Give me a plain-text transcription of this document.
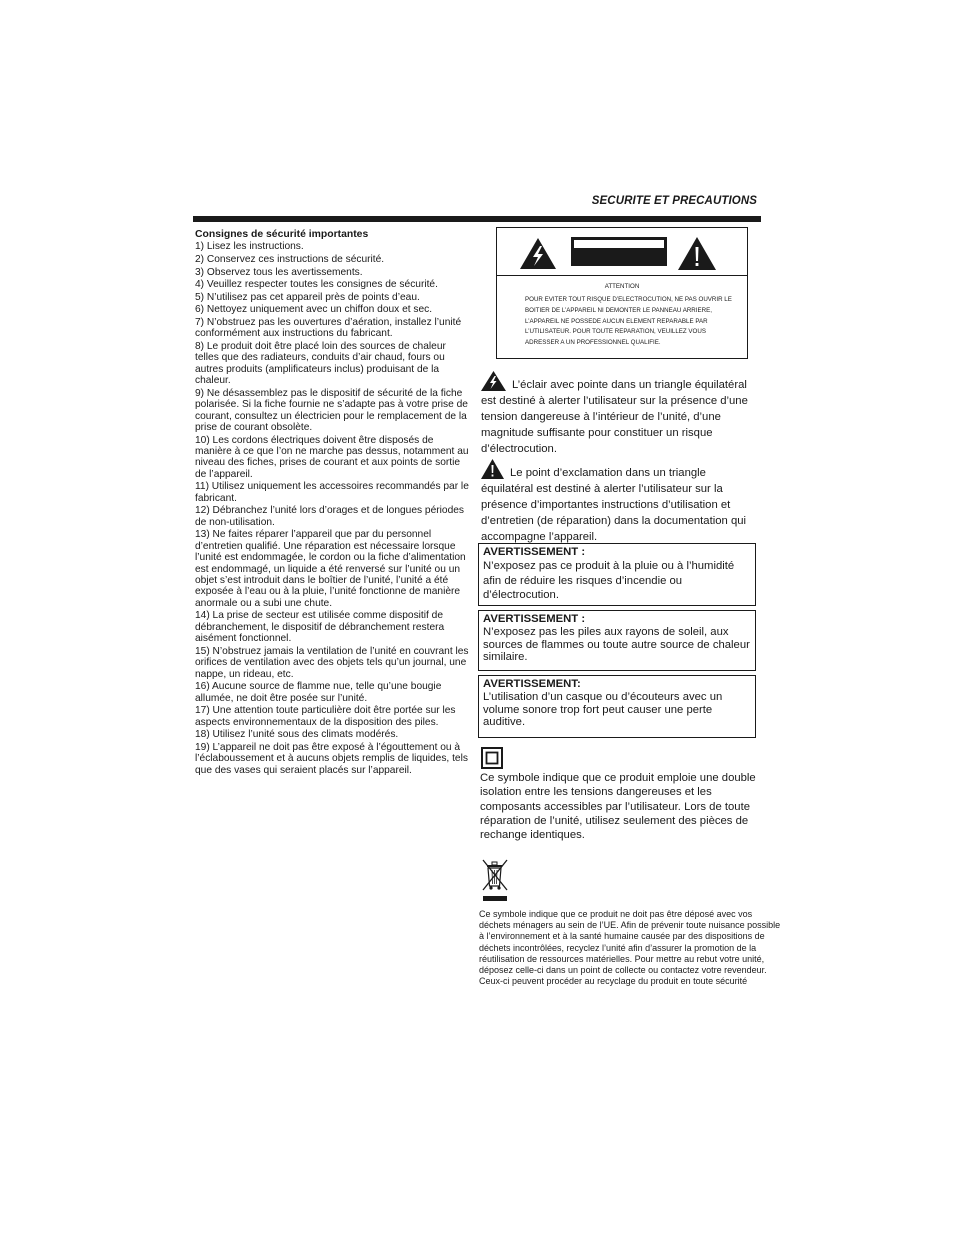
SECURITE ET PRECAUTIONS
Consignes de sécurité importantes
1) Lisez les instructions.
2) Conservez ces instructions de sécurité.
3) Observez tous les avertissements.
4) Veuillez respecter toutes les consignes de sécurité.
5) N’utilisez pas cet appareil près de points d’eau.
6) Nettoyez uniquement avec un chiffon doux et sec.
7) N’obstruez pas les ouvertures d’aération, installez l’unité conformément aux instructions du fabricant.
8) Le produit doit être placé loin des sources de chaleur telles que des radiateurs, conduits d’air chaud, fours ou autres produits (amplificateurs inclus) produisant de la chaleur.
9) Ne désassemblez pas le dispositif de sécurité de la fiche polarisée. Si la fiche fournie ne s’adapte pas à votre prise de courant, consultez un électricien pour le remplacement de la prise de courant obsolète.
10) Les cordons électriques doivent être disposés de manière à ce que l’on ne marche pas dessus, notamment au niveau des fiches, prises de courant et aux points de sortie de l’appareil.
11) Utilisez uniquement les accessoires recommandés par le fabricant.
12) Débranchez l’unité lors d’orages et de longues périodes de non-utilisation.
13) Ne faites réparer l’appareil que par du personnel d’entretien qualifié. Une réparation est nécessaire lorsque l’unité est endommagée, le cordon ou la fiche d’alimentation est endommagé, un liquide a été renversé sur l’unité ou un objet s’est introduit dans le boîtier de l’unité, l’unité a été exposée à l’eau ou à la pluie, l’unité fonctionne de manière anormale ou a subi une chute.
14) La prise de secteur est utilisée comme dispositif de débranchement, le dispositif de débranchement restera aisément fonctionnel.
15) N’obstruez jamais la ventilation de l’unité en couvrant les orifices de ventilation avec des objets tels qu’un journal, une nappe, un rideau, etc.
16) Aucune source de flamme nue, telle qu’une bougie allumée, ne doit être posée sur l’unité.
17) Une attention toute particulière doit être portée sur les aspects environnementaux de la disposition des piles.
18) Utilisez l’unité sous des climats modérés.
19) L’appareil ne doit pas être exposé à l’égouttement ou à l’éclaboussement et à aucuns objets remplis de liquides, tels que des vases qui seraient placés sur l’appareil.
ATTENTION
POUR EVITER TOUT RISQUE D’ELECTROCUTION, NE PAS OUVRIR LE BOITIER DE L’APPAREIL NI DEMONTER LE PANNEAU ARRIERE, L’APPAREIL NE POSSEDE AUCUN ELEMENT REPARABLE PAR L’UTILISATEUR. POUR TOUTE REPARATION, VEUILLEZ VOUS ADRESSER A UN PROFESSIONNEL QUALIFIE.
L’éclair avec pointe dans un triangle équilatéral est destiné à alerter l’utilisateur sur la présence d’une tension dangereuse à l’intérieur de l’unité, d’une magnitude suffisante pour constituer un risque d’électrocution.
Le point d’exclamation dans un triangle équilatéral est destiné à alerter l’utilisateur sur la présence d’importantes instructions d’utilisation et d’entretien (de réparation) dans la documentation qui accompagne l’appareil.
AVERTISSEMENT :
N’exposez pas ce produit à la pluie ou à l’humidité afin de réduire les risques d’incendie ou d’électrocution.
AVERTISSEMENT :
N’exposez pas les piles aux rayons de soleil, aux sources de flammes ou toute autre source de chaleur similaire.
AVERTISSEMENT:
L’utilisation d’un casque ou d’écouteurs avec un volume sonore trop fort peut causer une perte auditive.
Ce symbole indique que ce produit emploie une double isolation entre les tensions dangereuses et les composants accessibles par l’utilisateur. Lors de toute réparation de l’unité, utilisez seulement des pièces de rechange identiques.
Ce symbole indique que ce produit ne doit pas être déposé avec vos déchets ménagers au sein de l’UE. Afin de prévenir toute nuisance possible à l’environnement et à la santé humaine causée par des dispositions de déchets incontrôlées, recyclez l’unité afin d’assurer la promotion de la réutilisation de ressources matérielles. Pour mettre au rebut votre unité, déposez celle-ci dans un point de collecte ou contactez votre revendeur. Ceux-ci peuvent procéder au recyclage du produit en toute sécurité
